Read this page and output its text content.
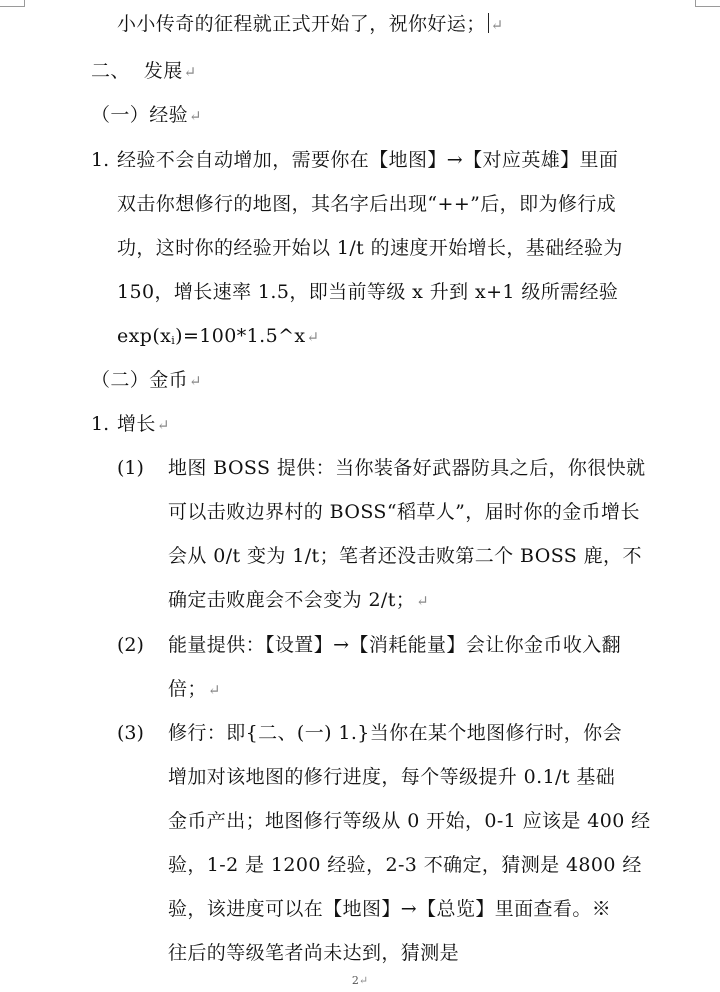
小小传奇的征程就正式开始了，祝你好运； ↵
二、 发展↵
（一）经验↵
1. 经验不会自动增加，需要你在【地图】→【对应英雄】里面
双击你想修行的地图，其名字后出现“++”后，即为修行成
功，这时你的经验开始以 1/t 的速度开始增长，基础经验为
150，增长速率 1.5，即当前等级 x 升到 x+1 级所需经验
exp(xi)=100*1.5^x↵
（二）金币↵
1. 增长↵
(1) 地图 BOSS 提供：当你装备好武器防具之后，你很快就
可以击败边界村的 BOSS“稻草人”，届时你的金币增长
会从 0/t 变为 1/t；笔者还没击败第二个 BOSS 鹿，不
确定击败鹿会不会变为 2/t；↵
(2) 能量提供：【设置】→【消耗能量】会让你金币收入翻
倍；↵
(3) 修行：即{二、(一) 1.}当你在某个地图修行时，你会
增加对该地图的修行进度，每个等级提升 0.1/t 基础
金币产出；地图修行等级从 0 开始，0-1 应该是 400 经
验，1-2 是 1200 经验，2-3 不确定，猜测是 4800 经
验，该进度可以在【地图】→【总览】里面查看。※
往后的等级笔者尚未达到，猜测是
2↵
